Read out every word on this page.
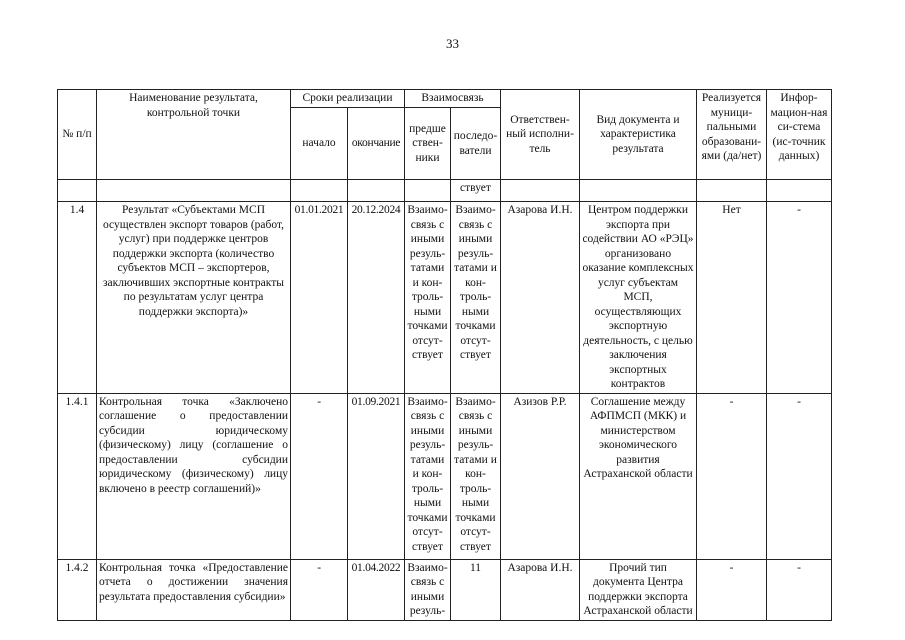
33
№ п/п	Наименование результата, контрольной точки	Сроки реализации		Взаимосвязь		Ответствен-ный исполни-тель	Вид документа и характеристика результата	Реализуется муници-пальными образовани-ями (да/нет)	Инфор-мацион-ная си-стема (ис-точник данных)
		начало	окончание	предшествен-ники	последо-ватели				
					ствует				
1.4	Результат «Субъектами МСП осуществлен экспорт товаров (работ, услуг) при поддержке центров поддержки экспорта (количество субъектов МСП – экспортеров, заключивших экспортные контракты по результатам услуг центра поддержки экспорта)»	01.01.2021	20.12.2024	Взаимо-связь с иными резуль-татами и кон-троль-ными точками отсут-ствует	Взаимо-связь с иными резуль-татами и кон-троль-ными точками отсут-ствует	Азарова И.Н.	Центром поддержки экспорта при содействии АО «РЭЦ» организовано оказание комплексных услуг субъектам МСП, осуществляющих экспортную деятельность, с целью заключения экспортных контрактов	Нет	-
1.4.1	Контрольная точка «Заключено соглашение о предоставлении субсидии юридическому (физическому) лицу (соглашение о предоставлении субсидии юридическому (физическому) лицу включено в реестр соглашений)»	-	01.09.2021	Взаимо-связь с иными резуль-татами и кон-троль-ными точками отсут-ствует	Взаимо-связь с иными резуль-татами и кон-троль-ными точками отсут-ствует	Азизов Р.Р.	Соглашение между АФПМСП (МКК) и министерством экономического развития Астраханской области	-	-
1.4.2	Контрольная точка «Предоставление отчета о достижении значения результата предоставления субсидии»	-	01.04.2022	Взаимо-связь с иными резуль-	11	Азарова И.Н.	Прочий тип документа Центра поддержки экспорта Астраханской области	-	-
